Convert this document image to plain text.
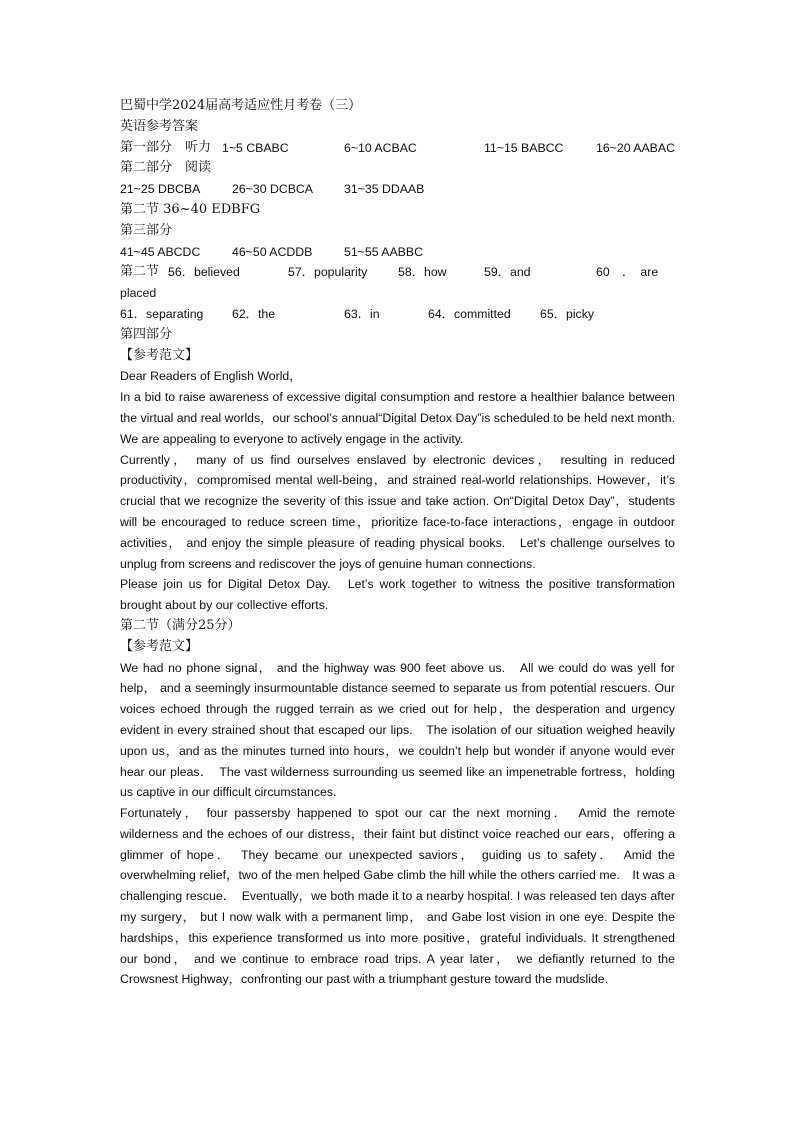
巴蜀中学2024届高考适应性月考卷（三）
英语参考答案
第一部分　听力 1~5 CBABC	6~10 ACBAC	11~15 BABCC	16~20 AABAC
第二部分　阅读
21~25 DBCBA	26~30 DCBCA	31~35 DDAAB
第二节 36~40 EDBFG
第三部分
41~45 ABCDC	46~50 ACDDB	51~55 AABBC
第二节 56．believed	57．popularity 58．how	59．and	60　．　are
placed
61．separating 62．the	63．in	64．committed 65．picky
第四部分
【参考范文】
Dear Readers of English World，

In a bid to raise awareness of excessive digital consumption and restore a healthier balance between the virtual and real worlds，our school’s annual“Digital Detox Day”is scheduled to be held next month.　We are appealing to everyone to actively engage in the activity.

Currently， many of us find ourselves enslaved by electronic devices， resulting in reduced productivity，compromised mental well-being，and strained real-world relationships. However，it’s crucial that we recognize the severity of this issue and take action. On“Digital Detox Day”，students will be encouraged to reduce screen time，prioritize face-to-face interactions，engage in outdoor activities， and enjoy the simple pleasure of reading physical books.　Let’s challenge ourselves to unplug from screens and rediscover the joys of genuine human connections.

Please join us for Digital Detox Day.　Let’s work together to witness the positive transformation brought about by our collective efforts.

第二节（满分25分）
【参考范文】

We had no phone signal， and the highway was 900 feet above us.　All we could do was yell for help， and a seemingly insurmountable distance seemed to separate us from potential rescuers. Our voices echoed through the rugged terrain as we cried out for help，the desperation and urgency evident in every strained shout that escaped our lips.　The isolation of our situation weighed heavily upon us，and as the minutes turned into hours，we couldn’t help but wonder if anyone would ever hear our pleas．　The vast wilderness surrounding us seemed like an impenetrable fortress，holding us captive in our difficult circumstances.

Fortunately， four passersby happened to spot our car the next morning．　Amid the remote wilderness and the echoes of our distress，their faint but distinct voice reached our ears，offering a glimmer of hope．　They became our unexpected saviors， guiding us to safety．　Amid the overwhelming relief，two of the men helped Gabe climb the hill while the others carried me.　It was a challenging rescue．　Eventually，we both made it to a nearby hospital. I was released ten days after my surgery， but I now walk with a permanent limp， and Gabe lost vision in one eye. Despite the hardships，this experience transformed us into more positive，grateful individuals. It strengthened our bond， and we continue to embrace road trips. A year later， we defiantly returned to the Crowsnest Highway，confronting our past with a triumphant gesture toward the mudslide.
